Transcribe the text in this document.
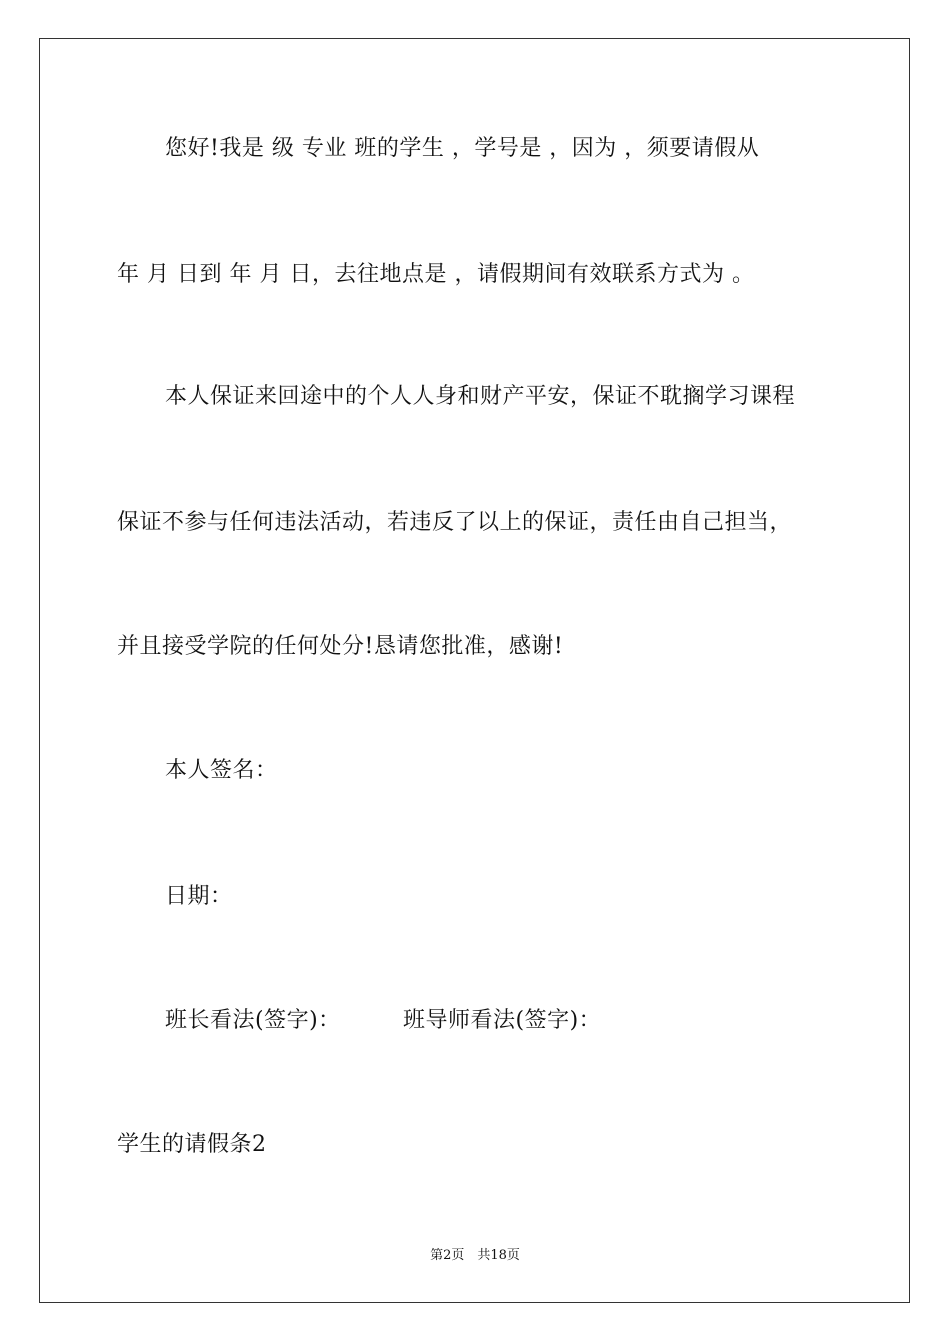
您好!我是 级 专业 班的学生 ，学号是 ，因为 ，须要请假从
年 月 日到 年 月 日，去往地点是 ，请假期间有效联系方式为 。
本人保证来回途中的个人人身和财产平安，保证不耽搁学习课程
保证不参与任何违法活动，若违反了以上的保证，责任由自己担当，
并且接受学院的任何处分!恳请您批准，感谢!
本人签名：
日期：
班长看法(签字)：	班导师看法(签字)：
学生的请假条2
第2页　共18页
